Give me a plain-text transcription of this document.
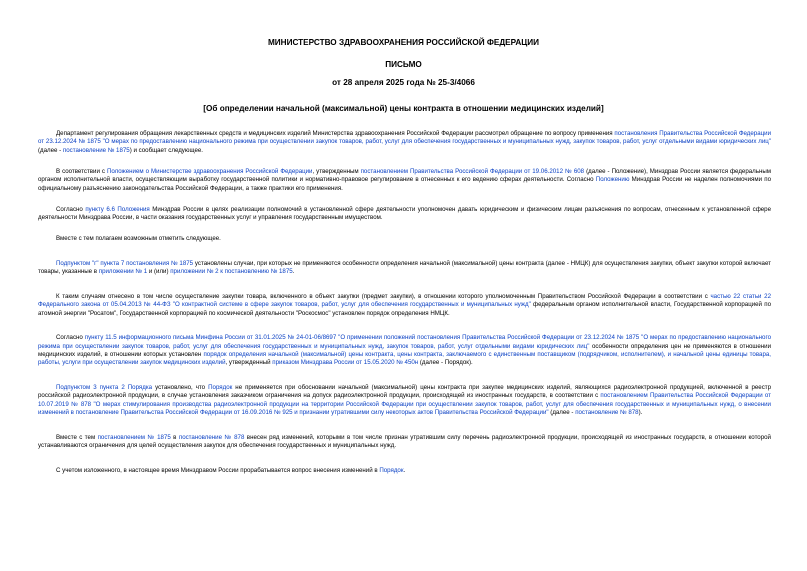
МИНИСТЕРСТВО ЗДРАВООХРАНЕНИЯ РОССИЙСКОЙ ФЕДЕРАЦИИ
ПИСЬМО
от 28 апреля 2025 года № 25-3/4066
[Об определении начальной (максимальной) цены контракта в отношении медицинских изделий]

Департамент регулирования обращения лекарственных средств и медицинских изделий Министерства здравоохранения Российской Федерации рассмотрел обращение по вопросу применения постановления Правительства Российской Федерации от 23.12.2024 № 1875 "О мерах по предоставлению национального режима при осуществлении закупок товаров, работ, услуг для обеспечения государственных и муниципальных нужд, закупок товаров, работ, услуг отдельными видами юридических лиц" (далее - постановление № 1875) и сообщает следующее.

В соответствии с Положением о Министерстве здравоохранения Российской Федерации, утвержденным постановлением Правительства Российской Федерации от 19.06.2012 № 608 (далее - Положение), Минздрав России является федеральным органом исполнительной власти, осуществляющим выработку государственной политики и нормативно-правовое регулирование в отнесенных к его ведению сферах деятельности. Согласно Положению Минздрав России не наделен полномочиями по официальному разъяснению законодательства Российской Федерации, а также практики его применения.

Согласно пункту 6.6 Положения Минздрав России в целях реализации полномочий в установленной сфере деятельности уполномочен давать юридическим и физическим лицам разъяснения по вопросам, отнесенным к установленной сфере деятельности Минздрава России, в части оказания государственных услуг и управления государственным имуществом.

Вместе с тем полагаем возможным отметить следующее.

Подпунктом "г" пункта 7 постановления № 1875 установлены случаи, при которых не применяются особенности определения начальной (максимальной) цены контракта (далее - НМЦК) для осуществления закупки, объект закупки которой включает товары, указанные в приложении № 1 и (или) приложении № 2 к постановлению № 1875.

К таким случаям отнесено в том числе осуществление закупки товара, включенного в объект закупки (предмет закупки), в отношении которого уполномоченным Правительством Российской Федерации в соответствии с частью 22 статьи 22 Федерального закона от 05.04.2013 № 44-ФЗ "О контрактной системе в сфере закупок товаров, работ, услуг для обеспечения государственных и муниципальных нужд" федеральным органом исполнительной власти, Государственной корпорацией по атомной энергии "Росатом", Государственной корпорацией по космической деятельности "Роскосмос" установлен порядок определения НМЦК.

Согласно пункту 11.5 информационного письма Минфина России от 31.01.2025 № 24-01-06/8697 "О применении положений постановления Правительства Российской Федерации от 23.12.2024 № 1875 "О мерах по предоставлению национального режима при осуществлении закупок товаров, работ, услуг для обеспечения государственных и муниципальных нужд, закупок товаров, работ, услуг отдельными видами юридических лиц" особенности определения цен не применяются в отношении медицинских изделий, в отношении которых установлен порядок определения начальной (максимальной) цены контракта, цены контракта, заключаемого с единственным поставщиком (подрядчиком, исполнителем), и начальной цены единицы товара, работы, услуги при осуществлении закупок медицинских изделий, утвержденный приказом Минздрава России от 15.05.2020 № 450н (далее - Порядок).

Подпунктом 3 пункта 2 Порядка установлено, что Порядок не применяется при обосновании начальной (максимальной) цены контракта при закупке медицинских изделий, являющихся радиоэлектронной продукцией, включенной в реестр российской радиоэлектронной продукции, в случае установления заказчиком ограничения на допуск радиоэлектронной продукции, происходящей из иностранных государств, в соответствии с постановлением Правительства Российской Федерации от 10.07.2019 № 878 "О мерах стимулирования производства радиоэлектронной продукции на территории Российской Федерации при осуществлении закупок товаров, работ, услуг для обеспечения государственных и муниципальных нужд, о внесении изменений в постановление Правительства Российской Федерации от 16.09.2016 № 925 и признании утратившими силу некоторых актов Правительства Российской Федерации" (далее - постановление № 878).

Вместе с тем постановлением № 1875 в постановление № 878 внесен ряд изменений, которыми в том числе признан утратившим силу перечень радиоэлектронной продукции, происходящей из иностранных государств, в отношении которой устанавливаются ограничения для целей осуществления закупок для обеспечения государственных и муниципальных нужд.

С учетом изложенного, в настоящее время Минздравом России прорабатывается вопрос внесения изменений в Порядок.
